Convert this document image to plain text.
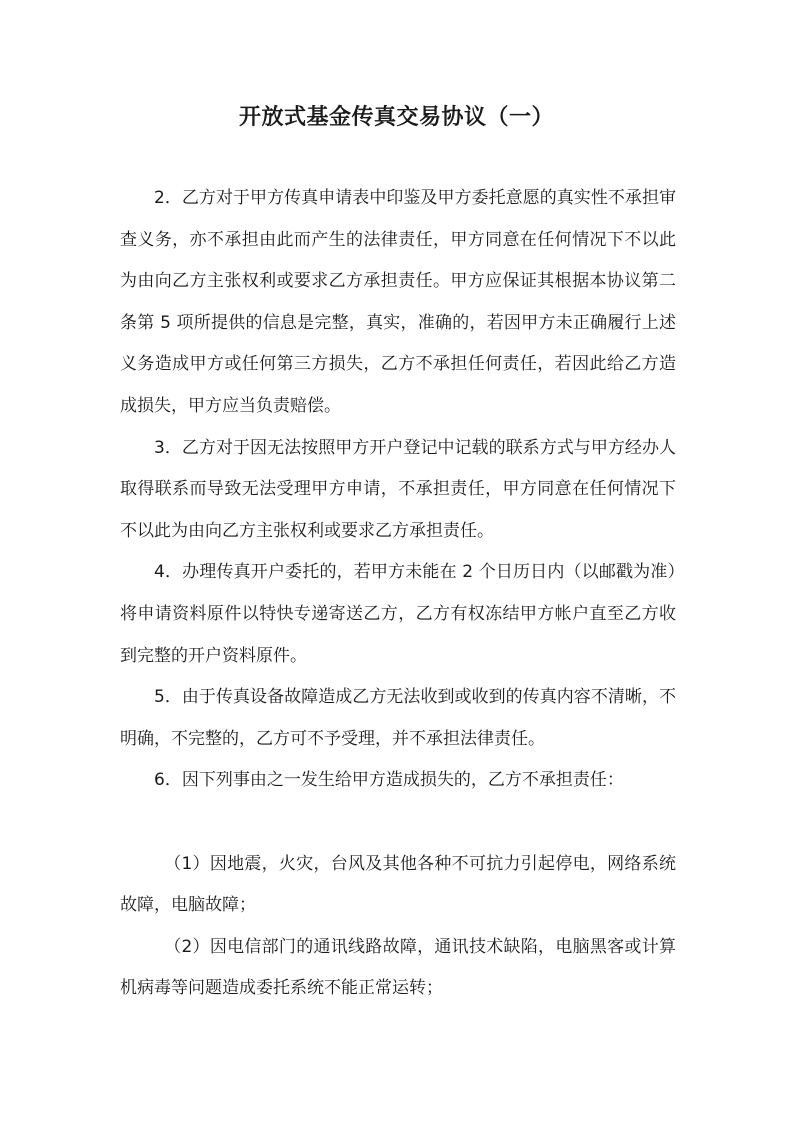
开放式基金传真交易协议（一）

2．乙方对于甲方传真申请表中印鉴及甲方委托意愿的真实性不承担审查义务，亦不承担由此而产生的法律责任，甲方同意在任何情况下不以此为由向乙方主张权利或要求乙方承担责任。甲方应保证其根据本协议第二条第 5 项所提供的信息是完整，真实，准确的，若因甲方未正确履行上述义务造成甲方或任何第三方损失，乙方不承担任何责任，若因此给乙方造成损失，甲方应当负责赔偿。

3．乙方对于因无法按照甲方开户登记中记载的联系方式与甲方经办人取得联系而导致无法受理甲方申请，不承担责任，甲方同意在任何情况下不以此为由向乙方主张权利或要求乙方承担责任。

4．办理传真开户委托的，若甲方未能在 2 个日历日内（以邮戳为准）将申请资料原件以特快专递寄送乙方，乙方有权冻结甲方帐户直至乙方收到完整的开户资料原件。

5．由于传真设备故障造成乙方无法收到或收到的传真内容不清晰，不明确，不完整的，乙方可不予受理，并不承担法律责任。

6．因下列事由之一发生给甲方造成损失的，乙方不承担责任：

（1）因地震，火灾，台风及其他各种不可抗力引起停电，网络系统故障，电脑故障；

（2）因电信部门的通讯线路故障，通讯技术缺陷，电脑黑客或计算机病毒等问题造成委托系统不能正常运转；
